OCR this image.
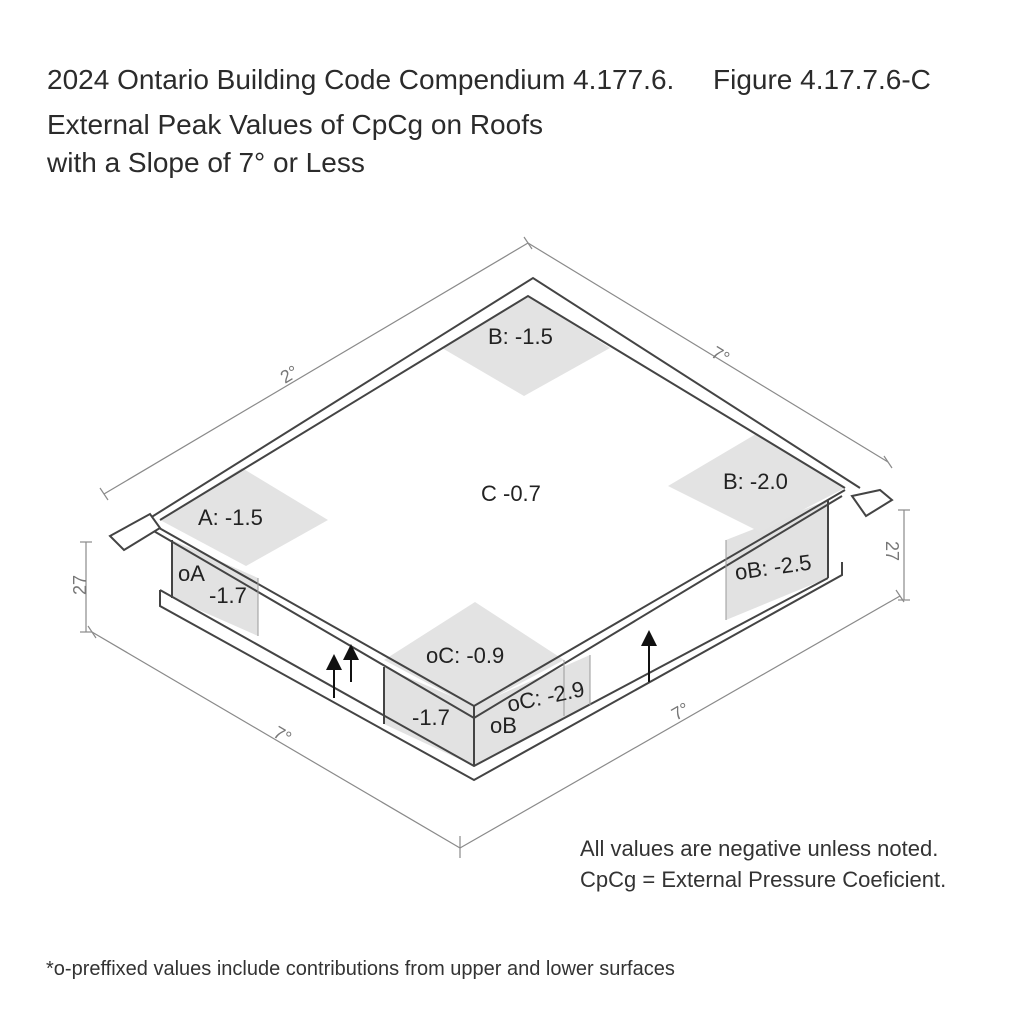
2024 Ontario Building Code Compendium 4.177.6. Figure 4.17.7.6-C
External Peak Values of CpCg on Roofs
with a Slope of 7° or Less
B: -1.5
B: -2.0
C -0.7
A: -1.5
oA
-1.7
oB: -2.5
oC: -0.9
-1.7
oC: -2.9
oB
2°
7°
7°
7°
27
27
All values are negative unless noted.
CpCg = External Pressure Coeficient.
*o-preffixed values include contributions from upper and lower surfaces
